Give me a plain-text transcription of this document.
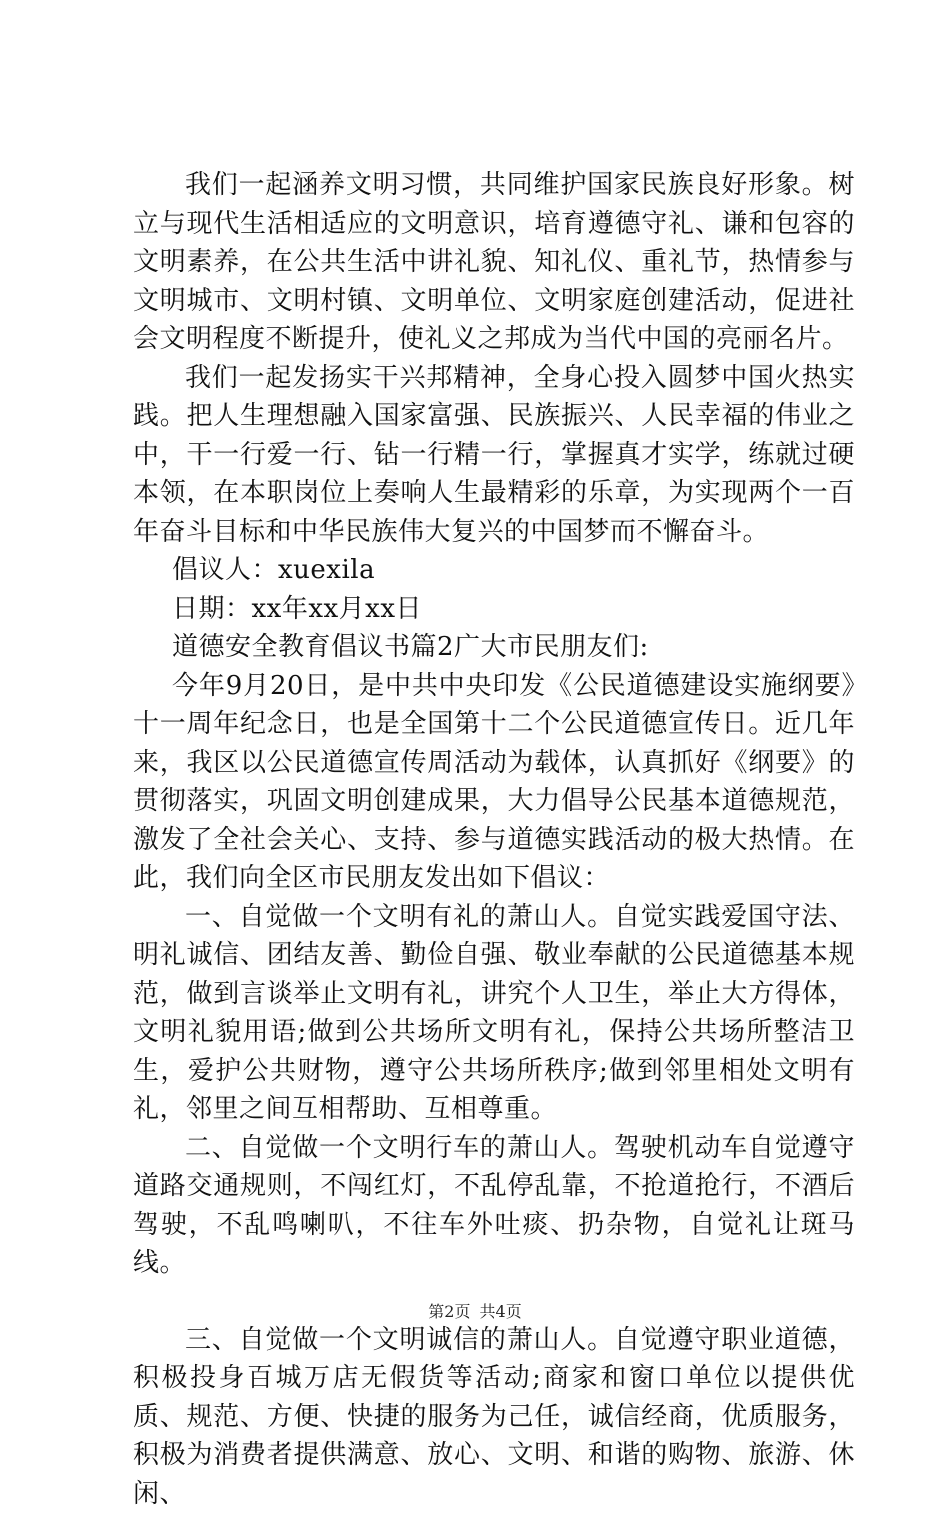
我们一起涵养文明习惯，共同维护国家民族良好形象。树立与现代生活相适应的文明意识，培育遵德守礼、谦和包容的文明素养，在公共生活中讲礼貌、知礼仪、重礼节，热情参与文明城市、文明村镇、文明单位、文明家庭创建活动，促进社会文明程度不断提升，使礼义之邦成为当代中国的亮丽名片。

我们一起发扬实干兴邦精神，全身心投入圆梦中国火热实践。把人生理想融入国家富强、民族振兴、人民幸福的伟业之中，干一行爱一行、钻一行精一行，掌握真才实学，练就过硬本领，在本职岗位上奏响人生最精彩的乐章，为实现两个一百年奋斗目标和中华民族伟大复兴的中国梦而不懈奋斗。

倡议人：xuexila

日期：xx年xx月xx日

道德安全教育倡议书篇2广大市民朋友们:

今年9月20日，是中共中央印发《公民道德建设实施纲要》十一周年纪念日，也是全国第十二个公民道德宣传日。近几年来，我区以公民道德宣传周活动为载体，认真抓好《纲要》的贯彻落实，巩固文明创建成果，大力倡导公民基本道德规范，激发了全社会关心、支持、参与道德实践活动的极大热情。在此，我们向全区市民朋友发出如下倡议：

一、自觉做一个文明有礼的萧山人。自觉实践爱国守法、明礼诚信、团结友善、勤俭自强、敬业奉献的公民道德基本规范，做到言谈举止文明有礼，讲究个人卫生，举止大方得体，文明礼貌用语;做到公共场所文明有礼，保持公共场所整洁卫生，爱护公共财物，遵守公共场所秩序;做到邻里相处文明有礼，邻里之间互相帮助、互相尊重。

二、自觉做一个文明行车的萧山人。驾驶机动车自觉遵守道路交通规则，不闯红灯，不乱停乱靠，不抢道抢行，不酒后驾驶，不乱鸣喇叭，不往车外吐痰、扔杂物，自觉礼让斑马线。

三、自觉做一个文明诚信的萧山人。自觉遵守职业道德，积极投身百城万店无假货等活动;商家和窗口单位以提供优质、规范、方便、快捷的服务为己任，诚信经商，优质服务，积极为消费者提供满意、放心、文明、和谐的购物、旅游、休闲、

第2页 共4页
